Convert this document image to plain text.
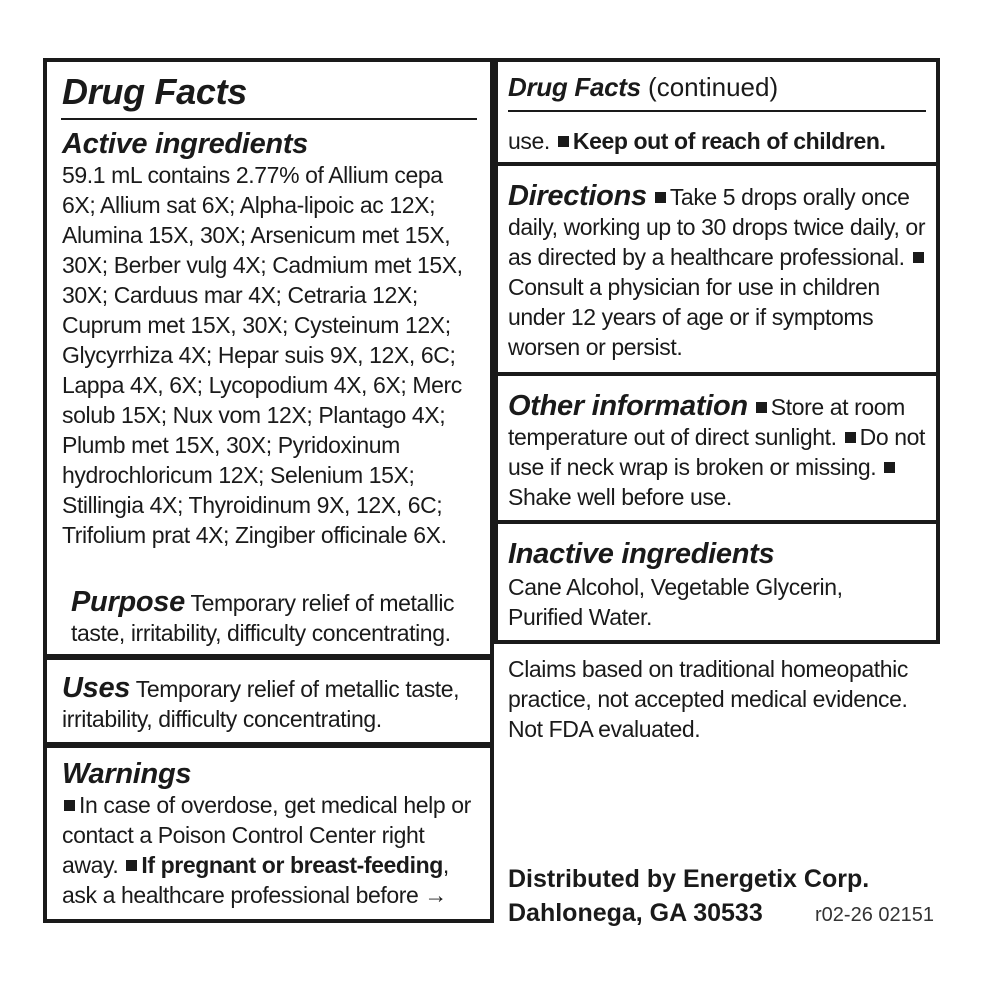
Drug Facts
Active ingredients

59.1 mL contains 2.77% of Allium cepa 6X; Allium sat 6X; Alpha-lipoic ac 12X; Alumina 15X, 30X; Arsenicum met 15X, 30X; Berber vulg 4X; Cadmium met 15X, 30X; Carduus mar 4X; Cetraria 12X; Cuprum met 15X, 30X; Cysteinum 12X; Glycyrrhiza 4X; Hepar suis 9X, 12X, 6C; Lappa 4X, 6X; Lycopodium 4X, 6X; Merc solub 15X; Nux vom 12X; Plantago 4X; Plumb met 15X, 30X; Pyridoxinum hydrochloricum 12X; Selenium 15X; Stillingia 4X; Thyroidinum 9X, 12X, 6C; Trifolium prat 4X; Zingiber officinale 6X.

Purpose Temporary relief of metallic taste, irritability, difficulty concentrating.

Uses Temporary relief of metallic taste, irritability, difficulty concentrating.

Warnings

In case of overdose, get medical help or contact a Poison Control Center right away. If pregnant or breast-feeding, ask a healthcare professional before →

Drug Facts (continued)

use. Keep out of reach of children.

Directions Take 5 drops orally once daily, working up to 30 drops twice daily, or as directed by a healthcare professional. Consult a physician for use in children under 12 years of age or if symptoms worsen or persist.

Other information Store at room temperature out of direct sunlight. Do not use if neck wrap is broken or missing. Shake well before use.

Inactive ingredients

Cane Alcohol, Vegetable Glycerin, Purified Water.

Claims based on traditional homeopathic practice, not accepted medical evidence. Not FDA evaluated.

Distributed by Energetix Corp.
Dahlonega, GA 30533	r02-26 02151
